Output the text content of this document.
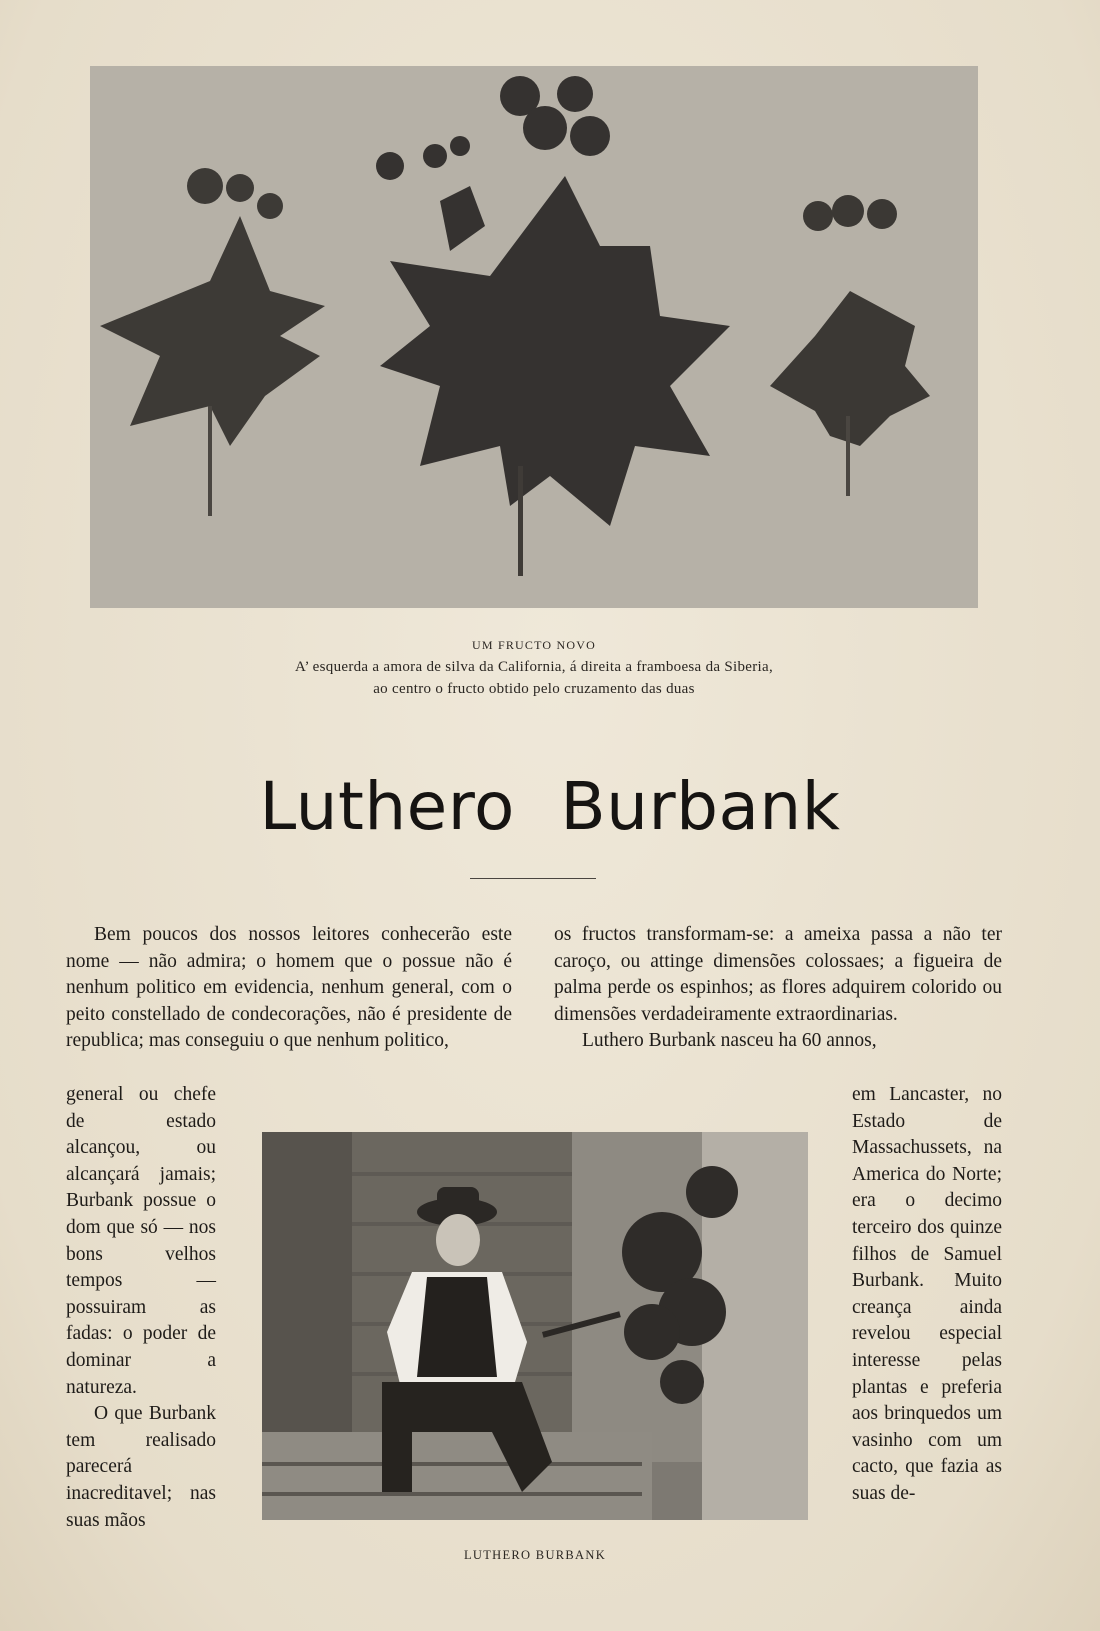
UM FRUCTO NOVO
A’ esquerda a amora de silva da California, á direita a framboesa da Siberia,
ao centro o fructo obtido pelo cruzamento das duas
Luthero Burbank

Bem poucos dos nossos leitores conhecerão este nome — não admira; o homem que o possue não é nenhum politico em evidencia, nenhum general, com o peito constellado de condecorações, não é presidente de republica; mas conseguiu o que nenhum politico,

general ou chefe de estado alcançou, ou alcançará jamais; Burbank possue o dom que só — nos bons velhos tempos — possuiram as fadas: o poder de dominar a natureza.

O que Burbank tem realisado parecerá inacreditavel; nas suas mãos

os fructos transformam-se: a ameixa passa a não ter caroço, ou attinge dimensões colossaes; a figueira de palma perde os espinhos; as flores adquirem colorido ou dimensões verdadeiramente extraordinarias.

Luthero Burbank nasceu ha 60 annos,

em Lancaster, no Estado de Massachussets, na America do Norte; era o decimo terceiro dos quinze filhos de Samuel Burbank. Muito creança ainda revelou especial interesse pelas plantas e preferia aos brinquedos um vasinho com um cacto, que fazia as suas de-

LUTHERO BURBANK
